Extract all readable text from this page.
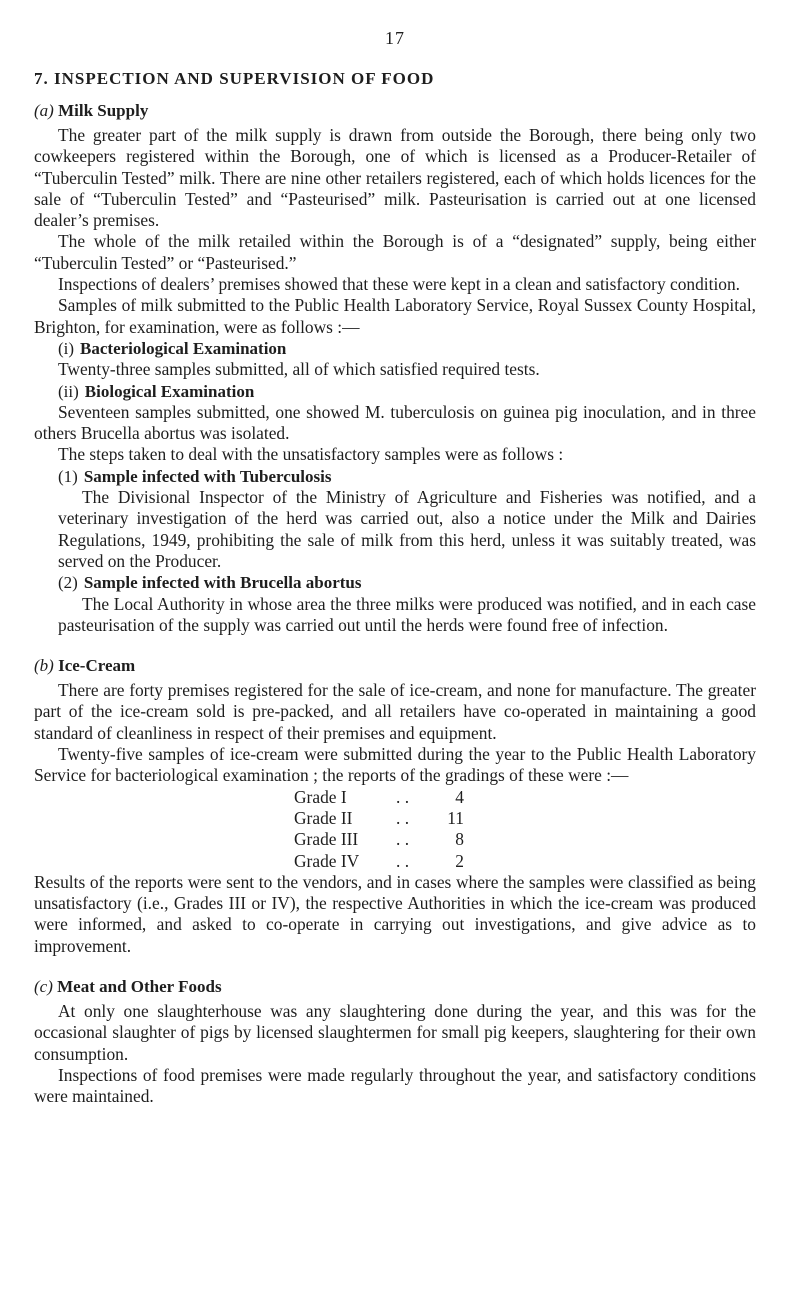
17
7. INSPECTION AND SUPERVISION OF FOOD
(a) Milk Supply

The greater part of the milk supply is drawn from outside the Borough, there being only two cowkeepers registered within the Borough, one of which is licensed as a Producer-Retailer of “Tuberculin Tested” milk. There are nine other retailers registered, each of which holds licences for the sale of “Tuberculin Tested” and “Pasteurised” milk. Pasteurisation is carried out at one licensed dealer’s premises.

The whole of the milk retailed within the Borough is of a “designated” supply, being either “Tuberculin Tested” or “Pasteurised.”

Inspections of dealers’ premises showed that these were kept in a clean and satisfactory condition.

Samples of milk submitted to the Public Health Laboratory Service, Royal Sussex County Hospital, Brighton, for examination, were as follows :—

(i) Bacteriological Examination

Twenty-three samples submitted, all of which satisfied required tests.

(ii) Biological Examination

Seventeen samples submitted, one showed M. tuberculosis on guinea pig inoculation, and in three others Brucella abortus was isolated.

The steps taken to deal with the unsatisfactory samples were as follows :

(1) Sample infected with Tuberculosis

The Divisional Inspector of the Ministry of Agriculture and Fisheries was notified, and a veterinary investigation of the herd was carried out, also a notice under the Milk and Dairies Regulations, 1949, prohibiting the sale of milk from this herd, unless it was suitably treated, was served on the Producer.

(2) Sample infected with Brucella abortus

The Local Authority in whose area the three milks were produced was notified, and in each case pasteurisation of the supply was carried out until the herds were found free of infection.

(b) Ice-Cream

There are forty premises registered for the sale of ice-cream, and none for manufacture. The greater part of the ice-cream sold is pre-packed, and all retailers have co-operated in maintaining a good standard of cleanliness in respect of their premises and equipment.

Twenty-five samples of ice-cream were submitted during the year to the Public Health Laboratory Service for bacteriological examination ; the reports of the gradings of these were :—

Grade I	. .	4
Grade II	. .	11
Grade III	. .	8
Grade IV	. .	2

Results of the reports were sent to the vendors, and in cases where the samples were classified as being unsatisfactory (i.e., Grades III or IV), the respective Authorities in which the ice-cream was produced were informed, and asked to co-operate in carrying out investigations, and give advice as to improvement.

(c) Meat and Other Foods

At only one slaughterhouse was any slaughtering done during the year, and this was for the occasional slaughter of pigs by licensed slaughtermen for small pig keepers, slaughtering for their own consumption.

Inspections of food premises were made regularly throughout the year, and satisfactory conditions were maintained.
